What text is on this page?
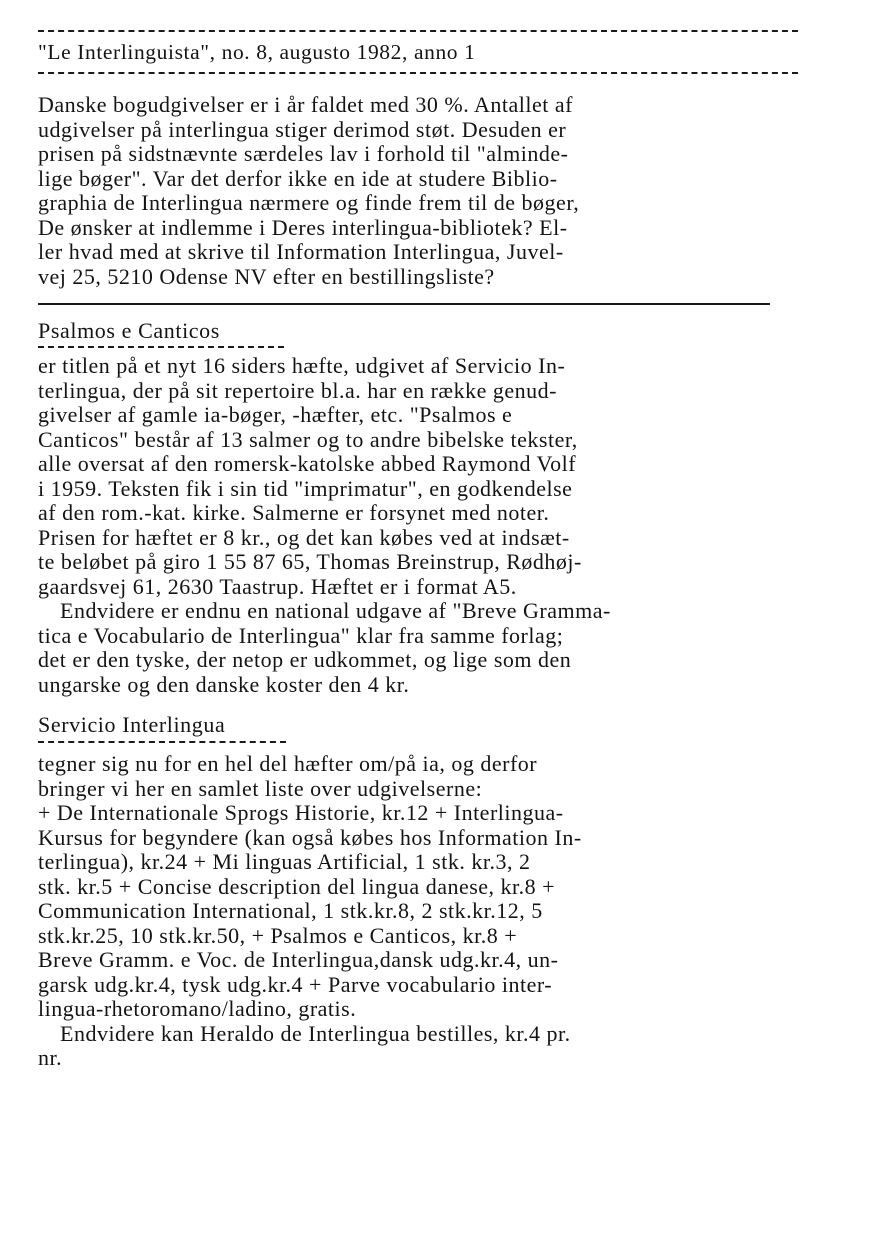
"Le Interlinguista", no. 8, augusto 1982, anno 1
Danske bogudgivelser er i år faldet med 30 %. Antallet af
udgivelser på interlingua stiger derimod støt. Desuden er
prisen på sidstnævnte særdeles lav i forhold til "alminde-
lige bøger". Var det derfor ikke en ide at studere Biblio-
graphia de Interlingua nærmere og finde frem til de bøger,
De ønsker at indlemme i Deres interlingua-bibliotek? El-
ler hvad med at skrive til Information Interlingua, Juvel-
vej 25, 5210 Odense NV efter en bestillingsliste?
Psalmos e Canticos
er titlen på et nyt 16 siders hæfte, udgivet af Servicio In-
terlingua, der på sit repertoire bl.a. har en række genud-
givelser af gamle ia-bøger, -hæfter, etc. "Psalmos e
Canticos" består af 13 salmer og to andre bibelske tekster,
alle oversat af den romersk-katolske abbed Raymond Volf
i 1959. Teksten fik i sin tid "imprimatur", en godkendelse
af den rom.-kat. kirke. Salmerne er forsynet med noter.
Prisen for hæftet er 8 kr., og det kan købes ved at indsæt-
te beløbet på giro 1 55 87 65, Thomas Breinstrup, Rødhøj-
gaardsvej 61, 2630 Taastrup. Hæftet er i format A5.
Endvidere er endnu en national udgave af "Breve Gramma-
tica e Vocabulario de Interlingua" klar fra samme forlag;
det er den tyske, der netop er udkommet, og lige som den
ungarske og den danske koster den 4 kr.
Servicio Interlingua
tegner sig nu for en hel del hæfter om/på ia, og derfor
bringer vi her en samlet liste over udgivelserne:
+ De Internationale Sprogs Historie, kr.12 + Interlingua-
Kursus for begyndere (kan også købes hos Information In-
terlingua), kr.24 + Mi linguas Artificial, 1 stk. kr.3, 2
stk. kr.5 + Concise description del lingua danese, kr.8 +
Communication International, 1 stk.kr.8, 2 stk.kr.12, 5
stk.kr.25, 10 stk.kr.50, + Psalmos e Canticos, kr.8 +
Breve Gramm. e Voc. de Interlingua,dansk udg.kr.4, un-
garsk udg.kr.4, tysk udg.kr.4 + Parve vocabulario inter-
lingua-rhetoromano/ladino, gratis.
Endvidere kan Heraldo de Interlingua bestilles, kr.4 pr.
nr.
